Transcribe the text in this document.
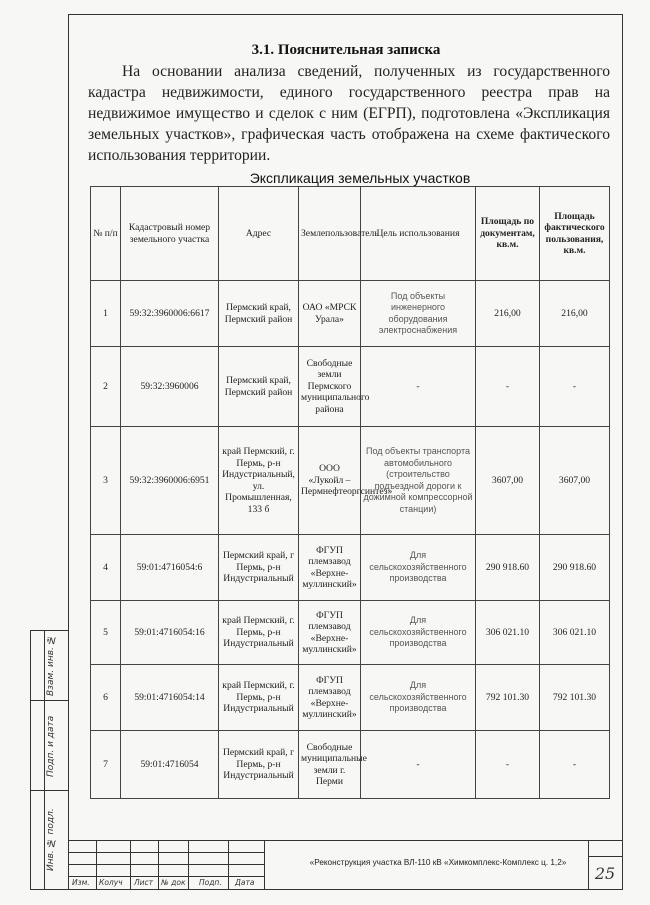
Взам. инв. №
Подп. и дата
Инв. № подл.
3.1. Пояснительная записка
На основании анализа сведений, полученных из государственного кадастра недвижимости, единого государственного реестра прав на недвижимое имущество и сделок с ним (ЕГРП), подготовлена «Экспликация земельных участков», графическая часть отображена на схеме фактического использования территории.
Экспликация земельных участков
№ п/п	Кадастровый номер земельного участка	Адрес	Землепользователь	Цель использования	Площадь по документам, кв.м.	Площадь фактического пользования, кв.м.
1	59:32:3960006:6617	Пермский край, Пермский район	ОАО «МРСК Урала»	Под объекты инженерного оборудования электроснабжения	216,00	216,00
2	59:32:3960006	Пермский край, Пермский район	Свободные земли Пермского муниципального района	-	-	-
3	59:32:3960006:6951	край Пермский, г. Пермь, р-н Индустриальный, ул. Промышленная, 133 б	ООО «Лукойл – Пермнефтеоргсинтез»	Под объекты транспорта автомобильного (строительство подъездной дороги к дожимной компрессорной станции)	3607,00	3607,00
4	59:01:4716054:6	Пермский край, г Пермь, р-н Индустриальный	ФГУП племзавод «Верхне-муллинский»	Для сельскохозяйственного производства	290 918.60	290 918.60
5	59:01:4716054:16	край Пермский, г. Пермь, р-н Индустриальный	ФГУП племзавод «Верхне-муллинский»	Для сельскохозяйственного производства	306 021.10	306 021.10
6	59:01:4716054:14	край Пермский, г. Пермь, р-н Индустриальный	ФГУП племзавод «Верхне-муллинский»	Для сельскохозяйственного производства	792 101.30	792 101.30
7	59:01:4716054	Пермский край, г Пермь, р-н Индустриальный	Свободные муниципальные земли г. Перми	-	-	-
Изм. Колуч Лист № док Подп. Дата
«Реконструкция участка ВЛ-110 кВ «Химкомплекс-Комплекс ц. 1,2»
25
